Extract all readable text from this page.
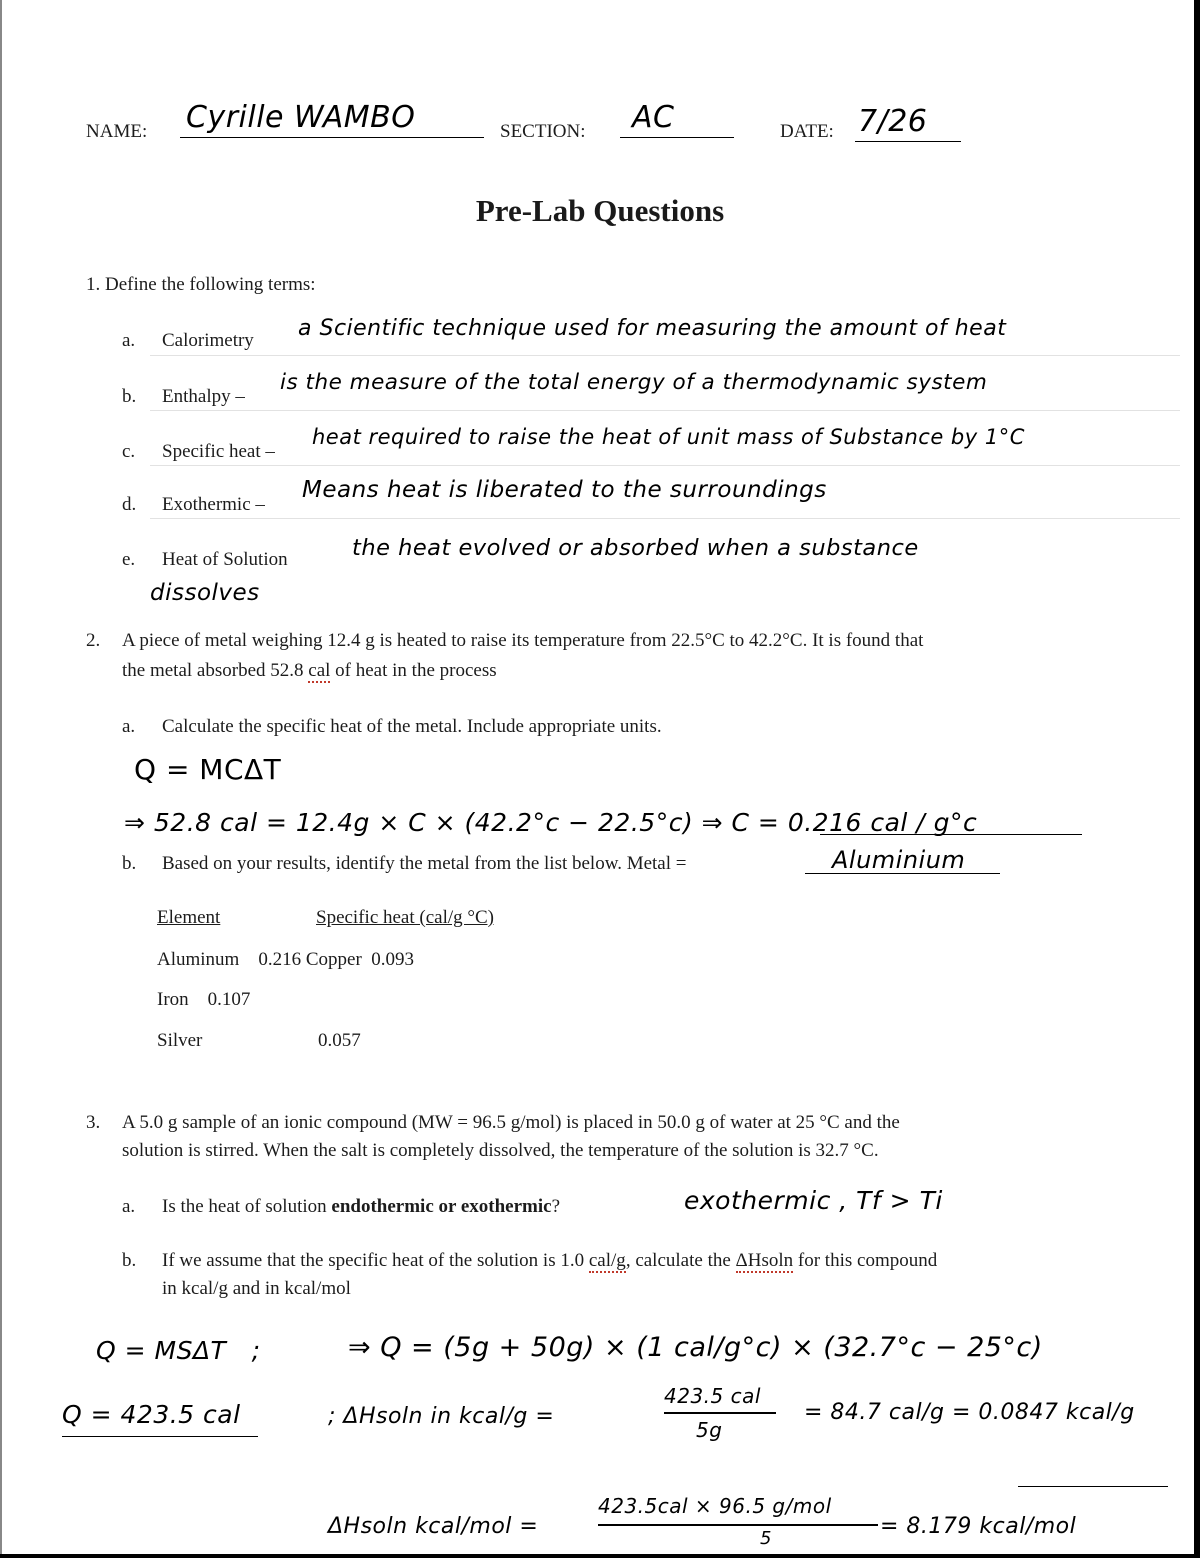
NAME: Cyrille WAMBO	SECTION: AC	DATE: 7/26
Pre-Lab Questions
1. Define the following terms:
a. Calorimetry a Scientific technique used for measuring the amount of heat
b. Enthalpy –
is the measure of the total energy of a thermodynamic system
c. Specific heat –
heat required to raise the heat of unit mass of Substance by 1°C
d. Exothermic –
Means heat is liberated to the surroundings
e. Heat of Solution	the heat evolved or absorbed when a substance
dissolves
2. A piece of metal weighing 12.4 g is heated to raise its temperature from 22.5°C to 42.2°C. It is found that
the metal absorbed 52.8 cal of heat in the process
a. Calculate the specific heat of the metal. Include appropriate units.
Q = MCΔT
⇒ 52.8 cal = 12.4g × C × (42.2°c − 22.5°c) ⇒ C = 0.216 cal / g°c
b. Based on your results, identify the metal from the list below. Metal =	Aluminium
Element	Specific heat (cal/g °C)
Aluminum    0.216 Copper  0.093
Iron    0.107
Silver	0.057
3. A 5.0 g sample of an ionic compound (MW = 96.5 g/mol) is placed in 50.0 g of water at 25 °C and the
solution is stirred. When the salt is completely dissolved, the temperature of the solution is 32.7 °C.
a. Is the heat of solution endothermic or exothermic?	exothermic , Tf > Ti
b. If we assume that the specific heat of the solution is 1.0 cal/g, calculate the ΔHsoln for this compound
in kcal/g and in kcal/mol
Q = MSΔT   ;	⇒ Q = (5g + 50g) × (1 cal/g°c) × (32.7°c − 25°c)
Q = 423.5 cal	; ΔHsoln in kcal/g =
423.5 cal
5g
= 84.7 cal/g = 0.0847 kcal/g
ΔHsoln kcal/mol =
423.5cal × 96.5 g/mol
5	= 8.179 kcal/mol
